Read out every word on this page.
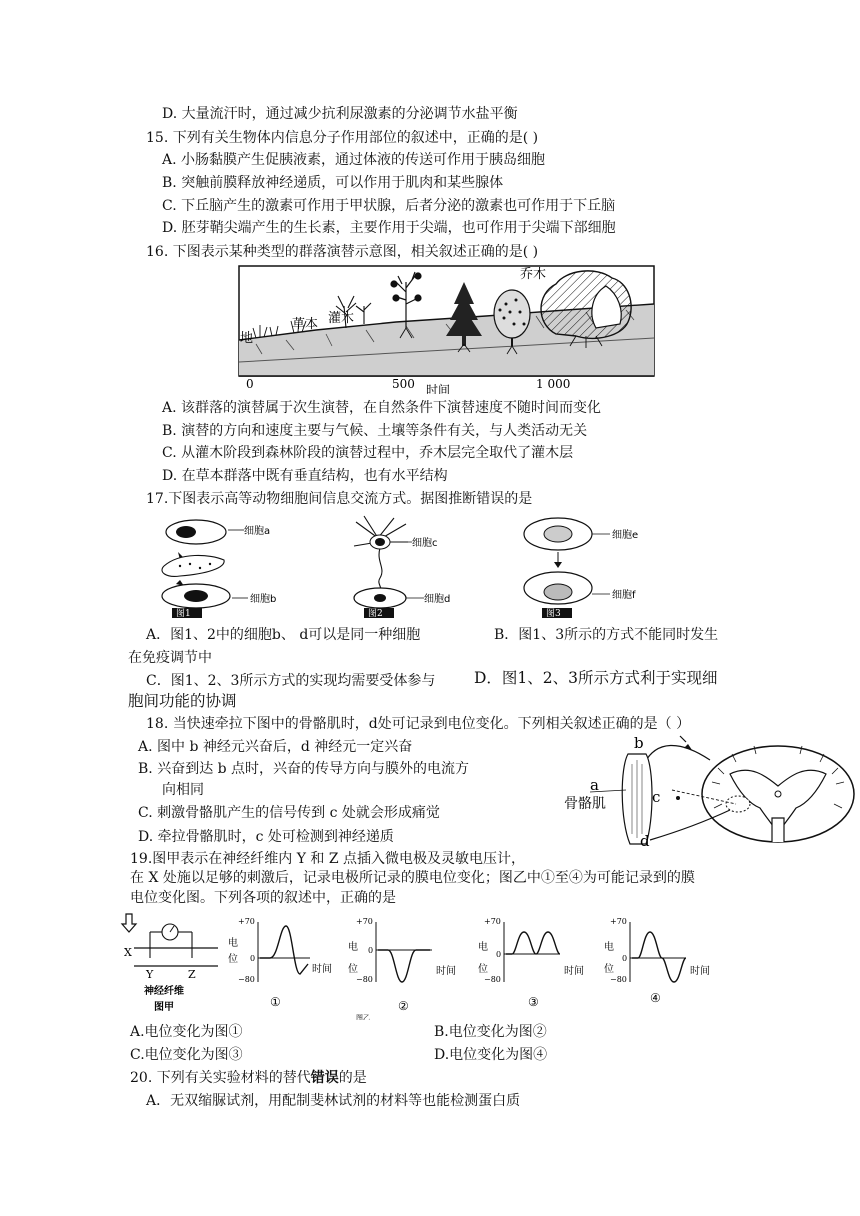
D. 大量流汗时，通过减少抗利尿激素的分泌调节水盐平衡
15. 下列有关生物体内信息分子作用部位的叙述中，正确的是( )
A. 小肠黏膜产生促胰液素，通过体液的传送可作用于胰岛细胞
B. 突触前膜释放神经递质，可以作用于肌肉和某些腺体
C. 下丘脑产生的激素可作用于甲状腺，后者分泌的激素也可作用于下丘脑
D. 胚芽鞘尖端产生的生长素，主要作用于尖端，也可作用于尖端下部细胞
16. 下图表示某种类型的群落演替示意图，相关叙述正确的是( )
乔木
灌木
草本
地
0	500	1 000
时间
A. 该群落的演替属于次生演替，在自然条件下演替速度不随时间而变化
B. 演替的方向和速度主要与气候、土壤等条件有关，与人类活动无关
C. 从灌木阶段到森林阶段的演替过程中，乔木层完全取代了灌木层
D. 在草本群落中既有垂直结构，也有水平结构
17.下图表示高等动物细胞间信息交流方式。据图推断错误的是
细胞a
细胞b
图1
细胞c
细胞d
图2
细胞e
细胞f
图3
A．图1、2中的细胞b、 d可以是同一种细胞	B．图1、3所示的方式不能同时发生
在免疫调节中
C．图1、2、3所示方式的实现均需要受体参与 D．图1、2、3所示方式利于实现细
胞间功能的协调
18. 当快速牵拉下图中的骨骼肌时，d处可记录到电位变化。下列相关叙述正确的是（ ）
A. 图中 b 神经元兴奋后，d 神经元一定兴奋
B. 兴奋到达 b 点时，兴奋的传导方向与膜外的电流方
向相同
C. 刺激骨骼肌产生的信号传到 c 处就会形成痛觉
D. 牵拉骨骼肌时，c 处可检测到神经递质
b
a
骨骼肌	c
d
19.图甲表示在神经纤维内 Y 和 Z 点插入微电极及灵敏电压计，
在 X 处施以足够的刺激后，记录电极所记录的膜电位变化；图乙中①至④为可能记录到的膜
电位变化图。下列各项的叙述中，正确的是
X
Y	Z
神经纤维
图甲
+70
0
−80
电
位
时间
①
+70
0
−80
电
位	时间
②
图乙
+70
0
−80
电
位	时间
③
+70
0
−80
电
位	时间
④
A.电位变化为图①	B.电位变化为图②
C.电位变化为图③	D.电位变化为图④
20. 下列有关实验材料的替代错误的是
A．无双缩脲试剂，用配制斐林试剂的材料等也能检测蛋白质
